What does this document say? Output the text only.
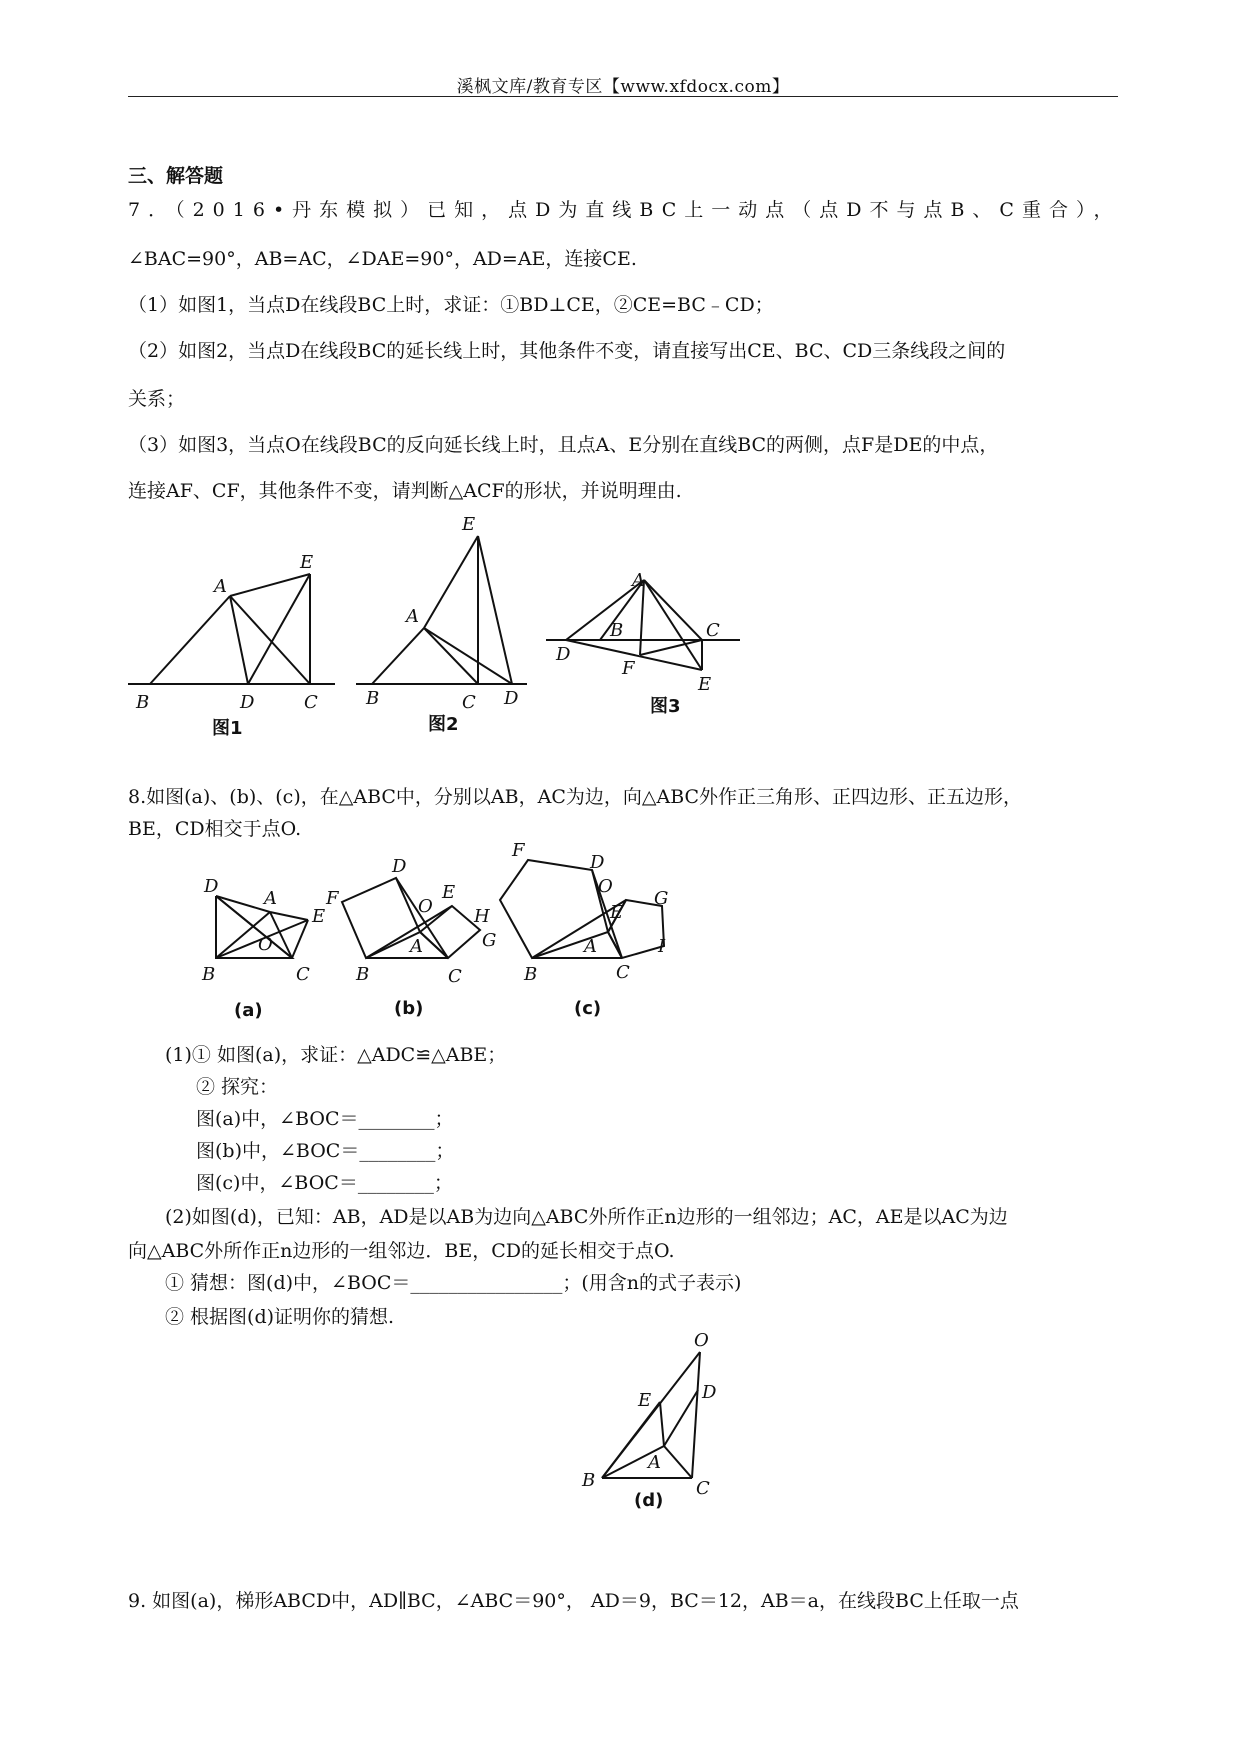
溪枫文库/教育专区【www.xfdocx.com】
三、解答题
7．（2016•丹东模拟）已知，点D为直线BC上一动点（点D不与点B、C重合），
∠BAC=90°，AB=AC，∠DAE=90°，AD=AE，连接CE.
（1）如图1，当点D在线段BC上时，求证：①BD⊥CE，②CE=BC﹣CD；
（2）如图2，当点D在线段BC的延长线上时，其他条件不变，请直接写出CE、BC、CD三条线段之间的
关系；
（3）如图3，当点O在线段BC的反向延长线上时，且点A、E分别在直线BC的两侧，点F是DE的中点，
连接AF、CF，其他条件不变，请判断△ACF的形状，并说明理由.
A
E
B	D	C
图1
E
A
B	C D
图2
A
B	C
D
F
E
图3
8.如图(a)、(b)、(c)，在△ABC中，分别以AB，AC为边，向△ABC外作正三角形、正四边形、正五边形，
BE，CD相交于点O.
D
A
E
O
B	C
(a)
D
F	O
E
H
G
A
B	C
(b)
F
D
O
G
E
I
A
B	C
(c)
(1)① 如图(a)，求证：△ADC≌△ABE；
② 探究：
图(a)中，∠BOC＝________；
图(b)中，∠BOC＝________；
图(c)中，∠BOC＝________；
(2)如图(d)，已知：AB，AD是以AB为边向△ABC外所作正n边形的一组邻边；AC，AE是以AC为边
向△ABC外所作正n边形的一组邻边．BE，CD的延长相交于点O.
① 猜想：图(d)中，∠BOC＝________________；(用含n的式子表示)
② 根据图(d)证明你的猜想.
O
E	D
A
B	C
(d)
9. 如图(a)，梯形ABCD中，AD∥BC，∠ABC＝90°， AD＝9，BC＝12，AB＝a，在线段BC上任取一点
